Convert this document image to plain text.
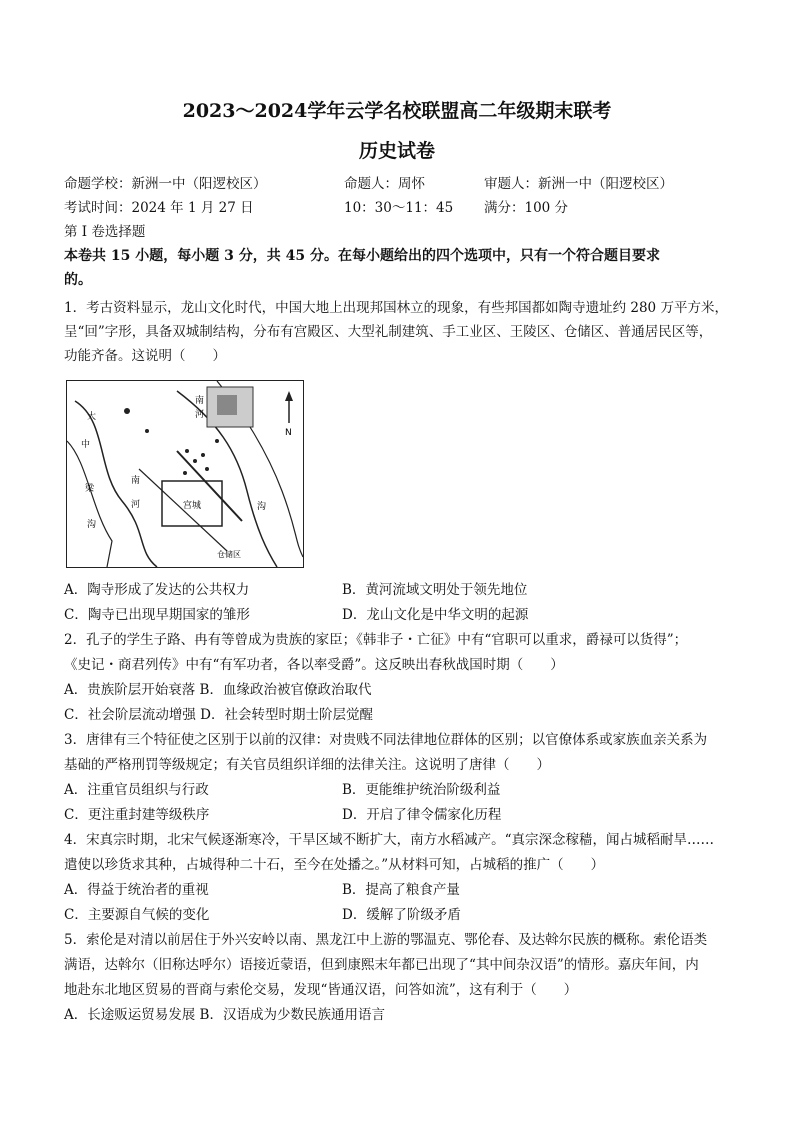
2023～2024学年云学名校联盟高二年级期末联考
历史试卷
命题学校：新洲一中（阳逻校区）	命题人：周怀	审题人：新洲一中（阳逻校区）
考试时间：2024 年 1 月 27 日	10：30～11：45 满分：100 分
第 I 卷选择题
本卷共 15 小题，每小题 3 分，共 45 分。在每小题给出的四个选项中，只有一个符合题目要求
的。
1．考古资料显示，龙山文化时代，中国大地上出现邦国林立的现象，有些邦国都如陶寺遗址约 280 万平方米，
呈“回”字形，具备双城制结构，分布有宫殿区、大型礼制建筑、手工业区、王陵区、仓储区、普通居民区等，
功能齐备。这说明（　　）
N
宫城
南
河
大
中
梁
沟
南
河	沟
仓储区
A．陶寺形成了发达的公共权力	B．黄河流域文明处于领先地位
C．陶寺已出现早期国家的雏形	D．龙山文化是中华文明的起源
2．孔子的学生子路、冉有等曾成为贵族的家臣；《韩非子・亡征》中有“官职可以重求，爵禄可以货得”；
《史记・商君列传》中有“有军功者，各以率受爵”。这反映出春秋战国时期（　　）
A．贵族阶层开始衰落 B．血缘政治被官僚政治取代
C．社会阶层流动增强 D．社会转型时期士阶层觉醒
3．唐律有三个特征使之区别于以前的汉律：对贵贱不同法律地位群体的区别；以官僚体系或家族血亲关系为
基础的严格刑罚等级规定；有关官员组织详细的法律关注。这说明了唐律（　　）
A．注重官员组织与行政	B．更能维护统治阶级利益
C．更注重封建等级秩序	D．开启了律令儒家化历程
4．宋真宗时期，北宋气候逐渐寒冷，干旱区域不断扩大，南方水稻减产。“真宗深念稼穑，闻占城稻耐旱……
遣使以珍货求其种，占城得种二十石，至今在处播之。”从材料可知，占城稻的推广（　　）
A．得益于统治者的重视	B．提高了粮食产量
C．主要源自气候的变化	D．缓解了阶级矛盾
5．索伦是对清以前居住于外兴安岭以南、黑龙江中上游的鄂温克、鄂伦春、及达斡尔民族的概称。索伦语类
满语，达斡尔（旧称达呼尔）语接近蒙语，但到康熙末年都已出现了“其中间杂汉语”的情形。嘉庆年间，内
地赴东北地区贸易的晋商与索伦交易，发现“皆通汉语，问答如流”，这有利于（　　）
A．长途贩运贸易发展 B．汉语成为少数民族通用语言
